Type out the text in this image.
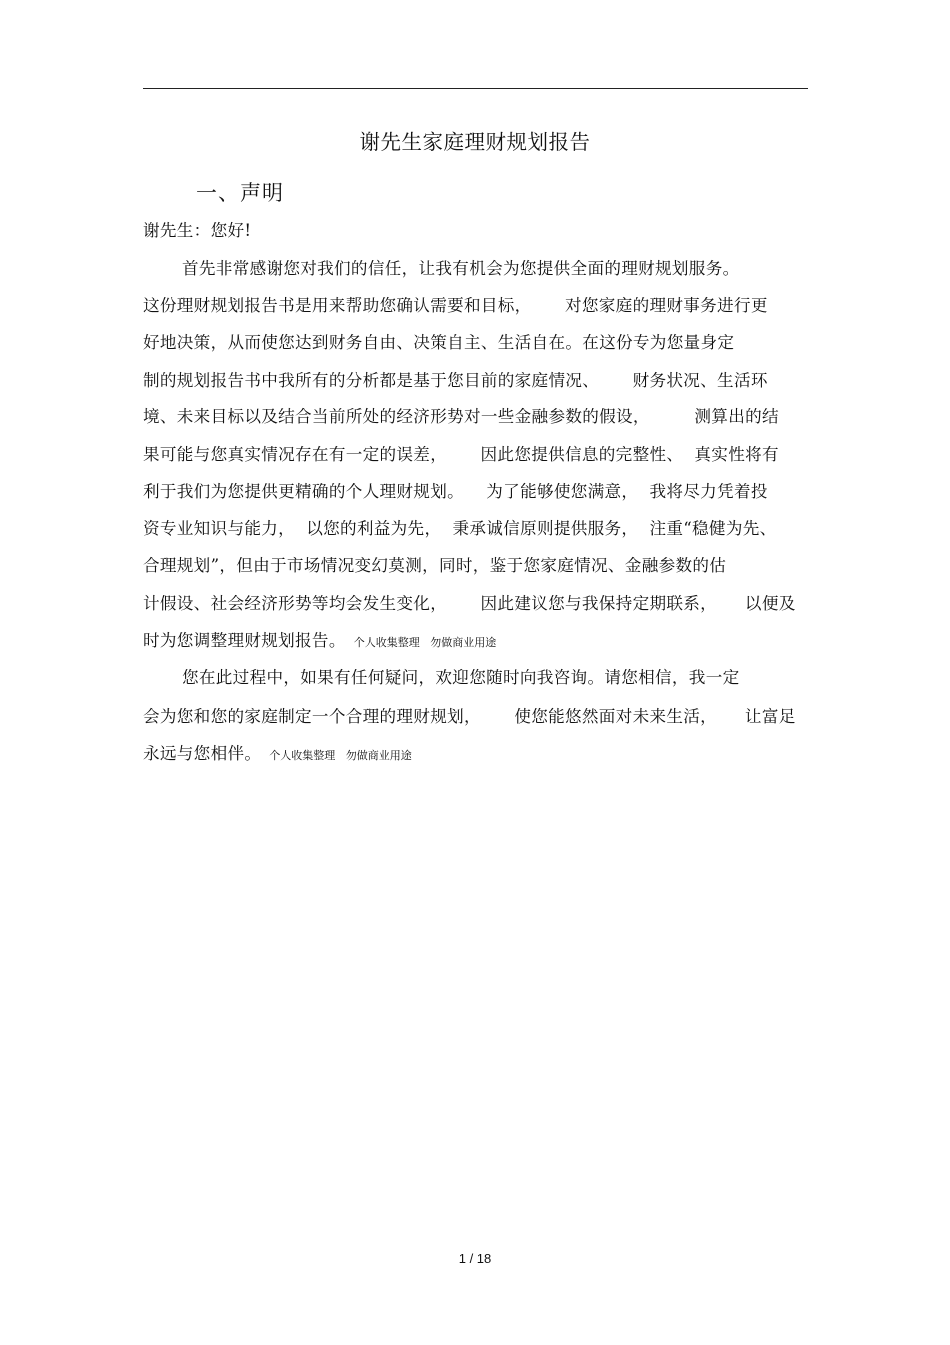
谢先生家庭理财规划报告
一、声明
谢先生：您好!
首先非常感谢您对我们的信任，让我有机会为您提供全面的理财规划服务。
这份理财规划报告书是用来帮助您确认需要和目标，      对您家庭的理财事务进行更
好地决策，从而使您达到财务自由、决策自主、生活自在。在这份专为您量身定
制的规划报告书中我所有的分析都是基于您目前的家庭情况、      财务状况、生活环
境、未来目标以及结合当前所处的经济形势对一些金融参数的假设，        测算出的结
果可能与您真实情况存在有一定的误差，      因此您提供信息的完整性、  真实性将有
利于我们为您提供更精确的个人理财规划。    为了能够使您满意，  我将尽力凭着投
资专业知识与能力，  以您的利益为先，  秉承诚信原则提供服务，  注重“稳健为先、
合理规划”，但由于市场情况变幻莫测，同时，鉴于您家庭情况、金融参数的估
计假设、社会经济形势等均会发生变化，      因此建议您与我保持定期联系，     以便及
时为您调整理财规划报告。 个人收集整理   勿做商业用途
您在此过程中，如果有任何疑问，欢迎您随时向我咨询。请您相信，我一定
会为您和您的家庭制定一个合理的理财规划，      使您能悠然面对未来生活，     让富足
永远与您相伴。 个人收集整理   勿做商业用途
1 / 18
